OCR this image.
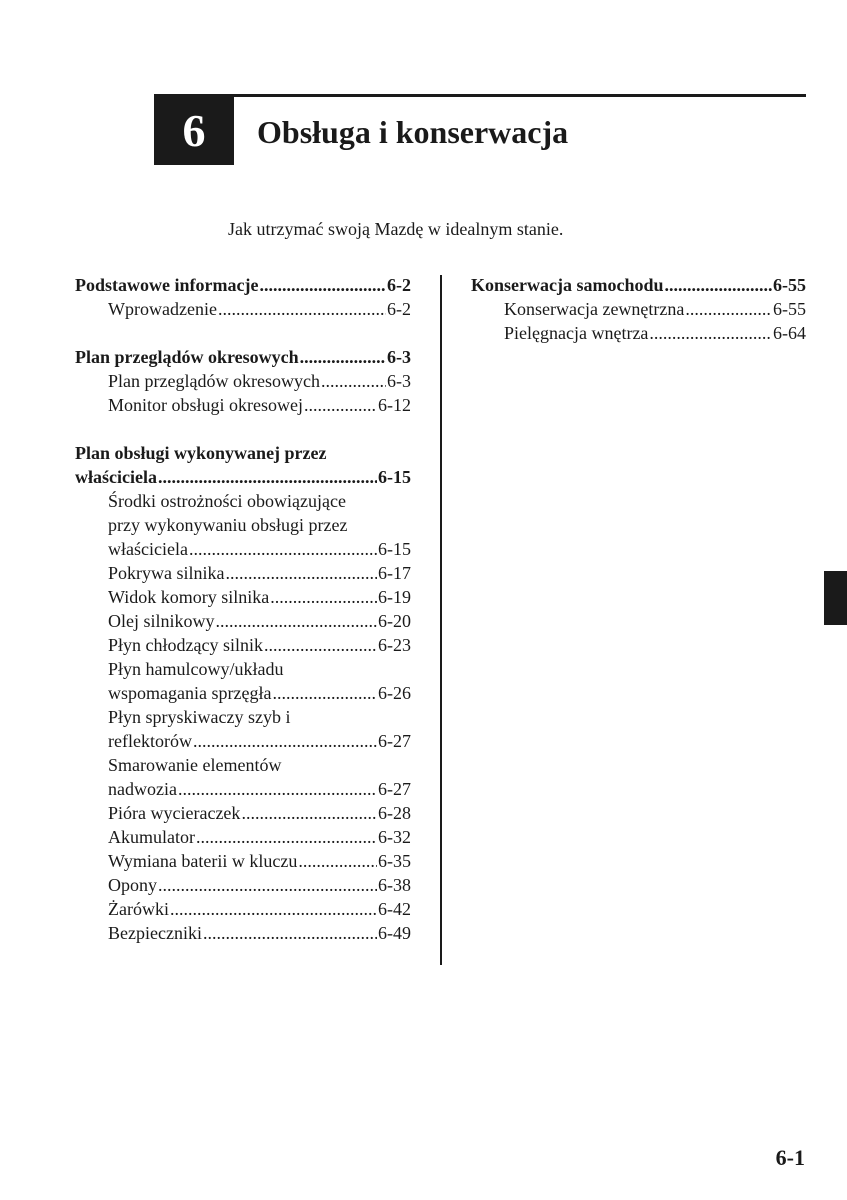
6	Obsługa i konserwacja
Jak utrzymać swoją Mazdę w idealnym stanie.
Podstawowe informacje .....	6-2
Wprowadzenie .....	6-2
Plan przeglądów okresowych .....	6-3
Plan przeglądów okresowych .....	6-3
Monitor obsługi okresowej .....	6-12
Plan obsługi wykonywanej przez
właściciela .....	6-15
Środki ostrożności obowiązujące
przy wykonywaniu obsługi przez
właściciela .....	6-15
Pokrywa silnika .....	6-17
Widok komory silnika .....	6-19
Olej silnikowy .....	6-20
Płyn chłodzący silnik .....	6-23
Płyn hamulcowy/układu
wspomagania sprzęgła .....	6-26
Płyn spryskiwaczy szyb i
reflektorów .....	6-27
Smarowanie elementów
nadwozia .....	6-27
Pióra wycieraczek .....	6-28
Akumulator .....	6-32
Wymiana baterii w kluczu .....	6-35
Opony .....	6-38
Żarówki .....	6-42
Bezpieczniki .....	6-49
Konserwacja samochodu .....	6-55
Konserwacja zewnętrzna .....	6-55
Pielęgnacja wnętrza .....	6-64
6-1
